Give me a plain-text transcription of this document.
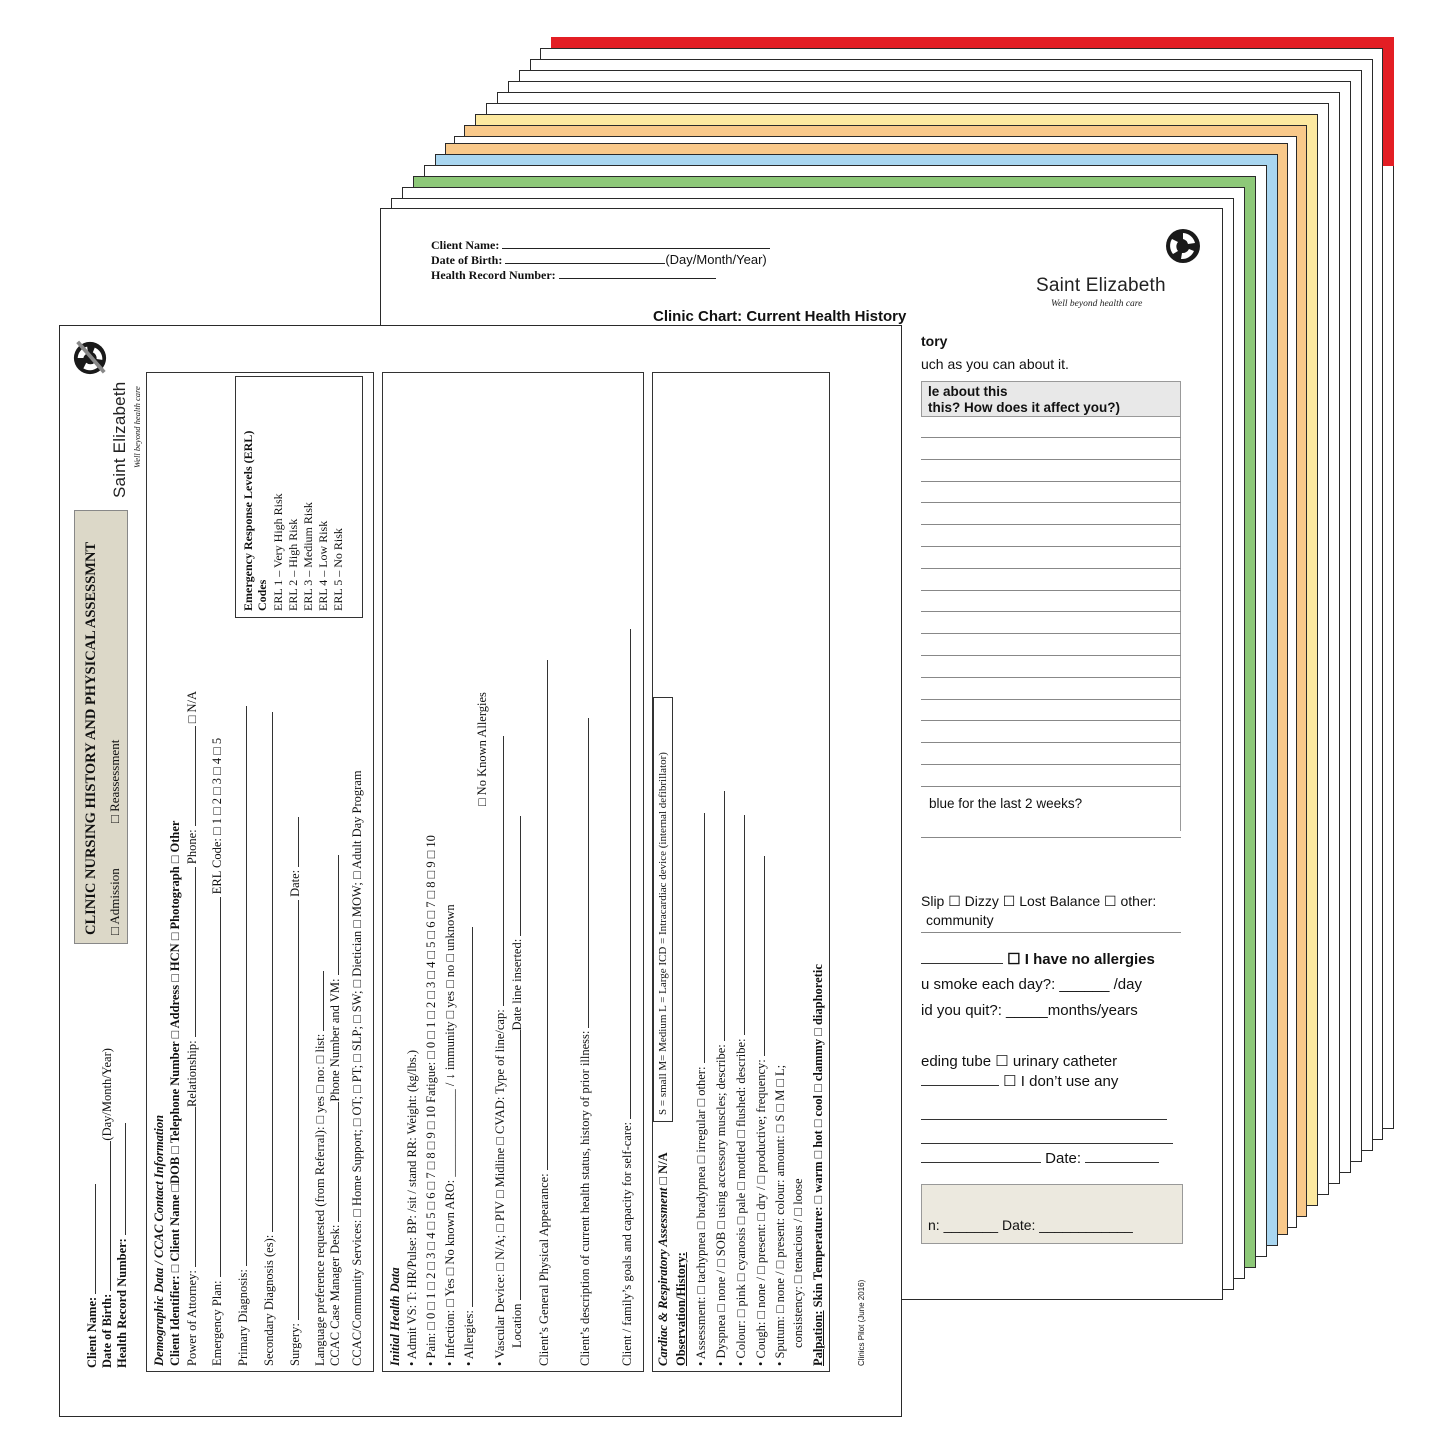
Client Name:
Date of Birth:	(Day/Month/Year)
Health Record Number:	Saint Elizabeth
Well beyond health care
Clinic Chart: Current Health History
tory
uch as you can about it.
le about this
this? How does it affect you?)
blue for the last 2 weeks?
Slip ☐ Dizzy ☐ Lost Balance ☐ other:
community
☐ I have no allergies
u smoke each day?: ______ /day
id you quit?: _____months/years
eding tube ☐ urinary catheter
☐ I don’t use any
Date:
n: _______ Date: ____________
Saint Elizabeth Well beyond health care
CLINIC NURSING HISTORY AND PHYSICAL ASSESSMNT □ Admission
□ Reassessment
Client Name: Date of Birth: (Day/Month/Year)
Health Record Number: Demographic Data / CCAC Contact Information Client Identifier: □ Client Name □DOB □ Telephone Number □ Address □ HCN □ Photograph □ Other
Power of Attorney: Relationship:  Phone:  □ N/A
Emergency Plan:  ERL Code: □ 1 □ 2 □ 3 □ 4 □ 5
Primary Diagnosis: Secondary Diagnosis (es): Surgery:  Date:
Language preference requested (from Referral): □ yes □ no: □ list: CCAC Case Manager Desk: Phone Number and VM: CCAC/Community Services: □ Home Support; □ OT; □ PT; □ SLP; □ SW; □ Dietician □ MOW; □ Adult Day Program
Emergency Response Levels (ERL) Codes ERL 1 – Very High Risk ERL 2 – High Risk ERL 3 – Medium Risk ERL 4 – Low Risk ERL 5 – No Risk
Initial Health Data • Admit VS: T: HR/Pulse: BP: /sit / stand RR: Weight: (kg/lbs.)
• Pain: □ 0 □ 1 □ 2 □ 3 □ 4 □ 5 □ 6 □ 7 □ 8 □ 9 □ 10 Fatigue: □ 0 □ 1 □ 2 □ 3 □ 4 □ 5 □ 6 □ 7 □ 8 □ 9 □ 10
• Infection: □ Yes □ No known ARO: ______________ / ↓ immunity □ yes □ no □ unknown
• Allergies:
□ No Known Allergies
• Vascular Device: □ N/A; □ PIV □ Midline □ CVAD: Type of line/cap: Location Date line inserted:
Client’s General Physical Appearance: Client’s description of current health status, history of prior illness: Client / family’s goals and capacity for self-care: Cardiac & Respiratory Assessment □ N/A
S = small M= Medium L = Large ICD = Intracardiac device (internal defibrillator)
Observation/History: • Assessment: □ tachypnea □ bradypnea □ irregular □ other:
• Dyspnea □ none / □ SOB □ using accessory muscles; describe:
• Colour: □ pink □ cyanosis □ pale □ mottled □ flushed: describe:
• Cough: □ none / □ present: □ dry / □ productive; frequency:
• Sputum: □ none / □ present: colour: amount: □ S □ M □ L; consistency: □ tenacious / □ loose Palpation: Skin Temperature: □ warm □ hot □ cool □ clammy □ diaphoretic
Clinics Pilot (June 2016)
